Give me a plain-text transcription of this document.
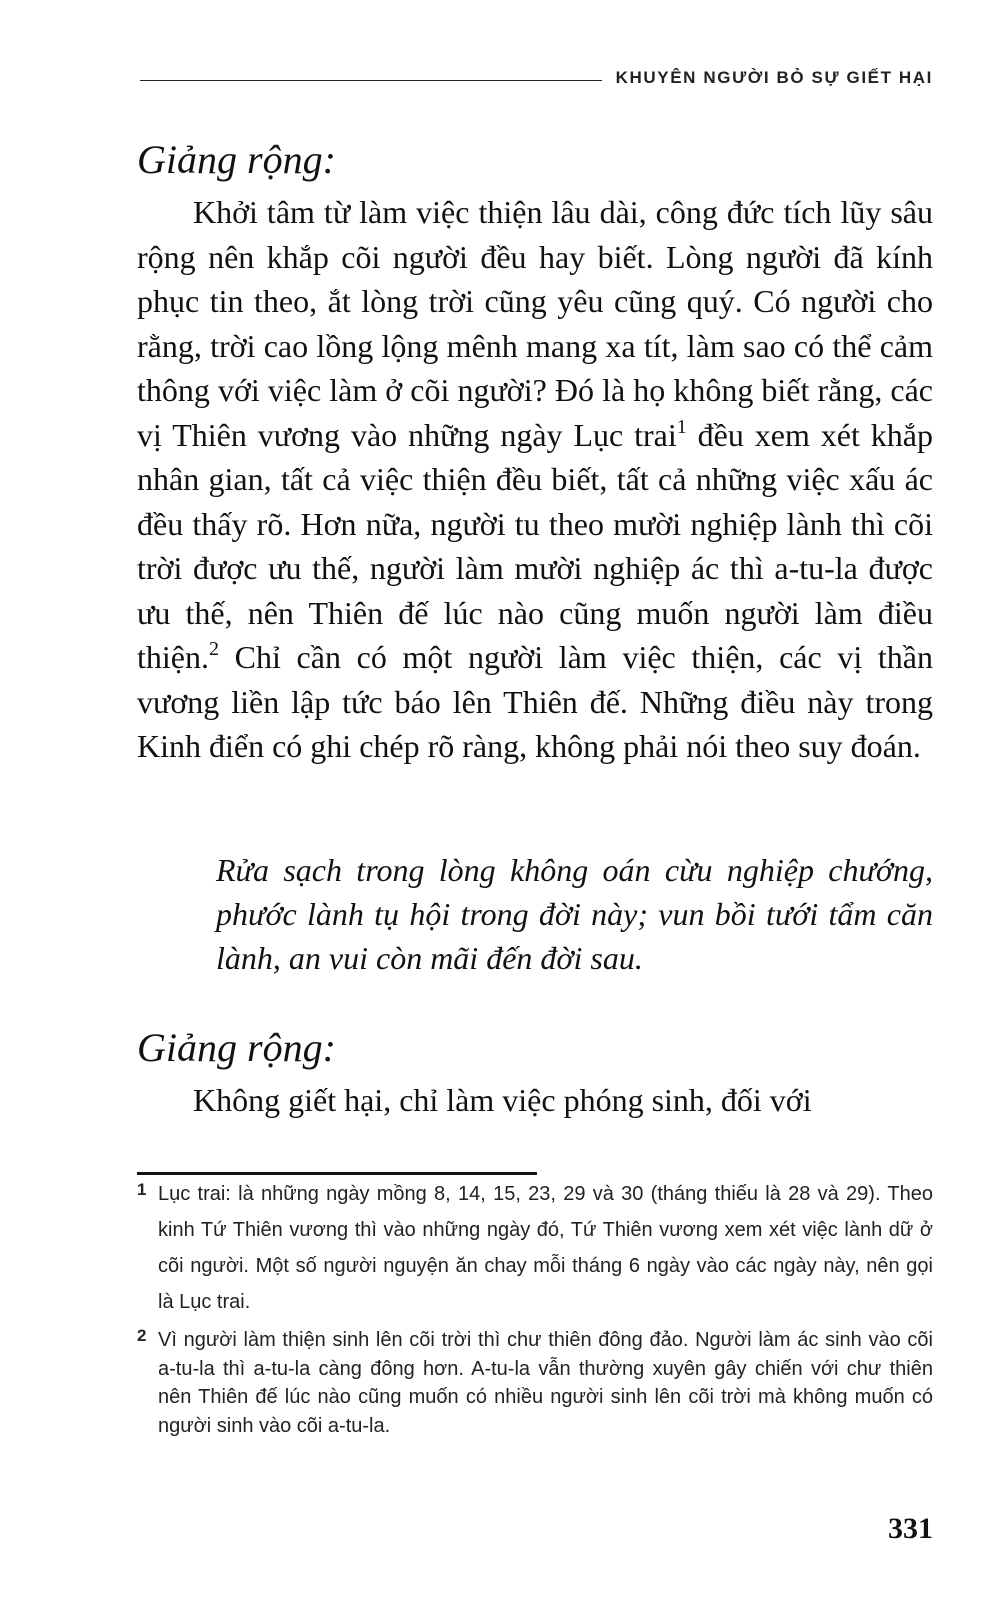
KHUYÊN NGƯỜI BỎ SỰ GIẾT HẠI
Giảng rộng:

Khởi tâm từ làm việc thiện lâu dài, công đức tích lũy sâu rộng nên khắp cõi người đều hay biết. Lòng người đã kính phục tin theo, ắt lòng trời cũng yêu cũng quý. Có người cho rằng, trời cao lồng lộng mênh mang xa tít, làm sao có thể cảm thông với việc làm ở cõi người? Đó là họ không biết rằng, các vị Thiên vương vào những ngày Lục trai$^1$ đều xem xét khắp nhân gian, tất cả việc thiện đều biết, tất cả những việc xấu ác đều thấy rõ. Hơn nữa, người tu theo mười nghiệp lành thì cõi trời được ưu thế, người làm mười nghiệp ác thì a-tu-la được ưu thế, nên Thiên đế lúc nào cũng muốn người làm điều thiện.$^2$ Chỉ cần có một người làm việc thiện, các vị thần vương liền lập tức báo lên Thiên đế. Những điều này trong Kinh điển có ghi chép rõ ràng, không phải nói theo suy đoán.

Rửa sạch trong lòng không oán cừu nghiệp chướng, phước lành tụ hội trong đời này; vun bồi tưới tẩm căn lành, an vui còn mãi đến đời sau.

Giảng rộng:

Không giết hại, chỉ làm việc phóng sinh, đối với

1 Lục trai: là những ngày mồng 8, 14, 15, 23, 29 và 30 (tháng thiếu là 28 và 29). Theo kinh Tứ Thiên vương thì vào những ngày đó, Tứ Thiên vương xem xét việc lành dữ ở cõi người. Một số người nguyện ăn chay mỗi tháng 6 ngày vào các ngày này, nên gọi là Lục trai.
2 Vì người làm thiện sinh lên cõi trời thì chư thiên đông đảo. Người làm ác sinh vào cõi a-tu-la thì a-tu-la càng đông hơn. A-tu-la vẫn thường xuyên gây chiến với chư thiên nên Thiên đế lúc nào cũng muốn có nhiều người sinh lên cõi trời mà không muốn có người sinh vào cõi a-tu-la.
331
